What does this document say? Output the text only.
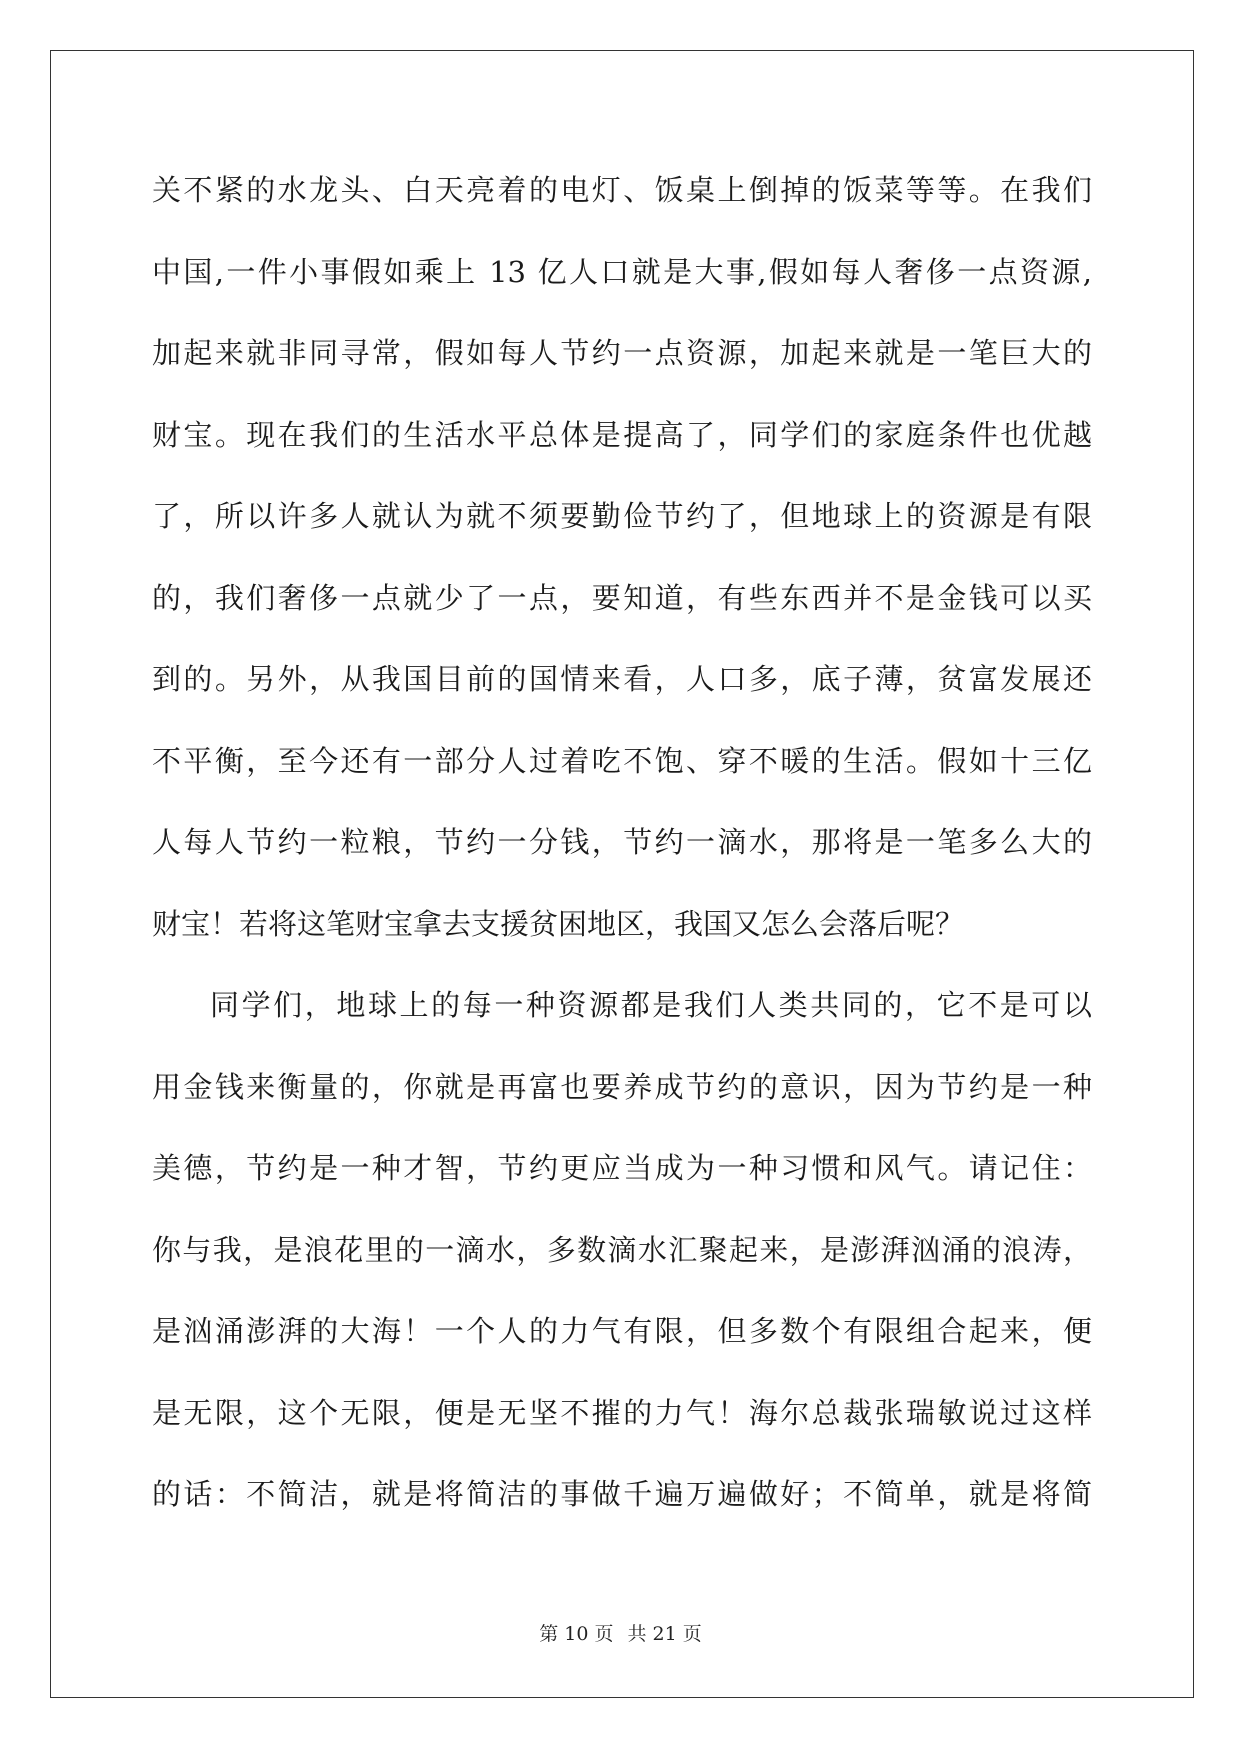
关不紧的水龙头、白天亮着的电灯、饭桌上倒掉的饭菜等等。在我们
中国,一件小事假如乘上 13 亿人口就是大事,假如每人奢侈一点资源,
加起来就非同寻常，假如每人节约一点资源，加起来就是一笔巨大的
财宝。现在我们的生活水平总体是提高了，同学们的家庭条件也优越
了，所以许多人就认为就不须要勤俭节约了，但地球上的资源是有限
的，我们奢侈一点就少了一点，要知道，有些东西并不是金钱可以买
到的。另外，从我国目前的国情来看，人口多，底子薄，贫富发展还
不平衡，至今还有一部分人过着吃不饱、穿不暖的生活。假如十三亿
人每人节约一粒粮，节约一分钱，节约一滴水，那将是一笔多么大的
财宝！若将这笔财宝拿去支援贫困地区，我国又怎么会落后呢？
同学们，地球上的每一种资源都是我们人类共同的，它不是可以
用金钱来衡量的，你就是再富也要养成节约的意识，因为节约是一种
美德，节约是一种才智，节约更应当成为一种习惯和风气。请记住：
你与我，是浪花里的一滴水，多数滴水汇聚起来，是澎湃汹涌的浪涛，
是汹涌澎湃的大海！一个人的力气有限，但多数个有限组合起来，便
是无限，这个无限，便是无坚不摧的力气！海尔总裁张瑞敏说过这样
的话：不简洁，就是将简洁的事做千遍万遍做好；不简单，就是将简
第 10 页 共 21 页
